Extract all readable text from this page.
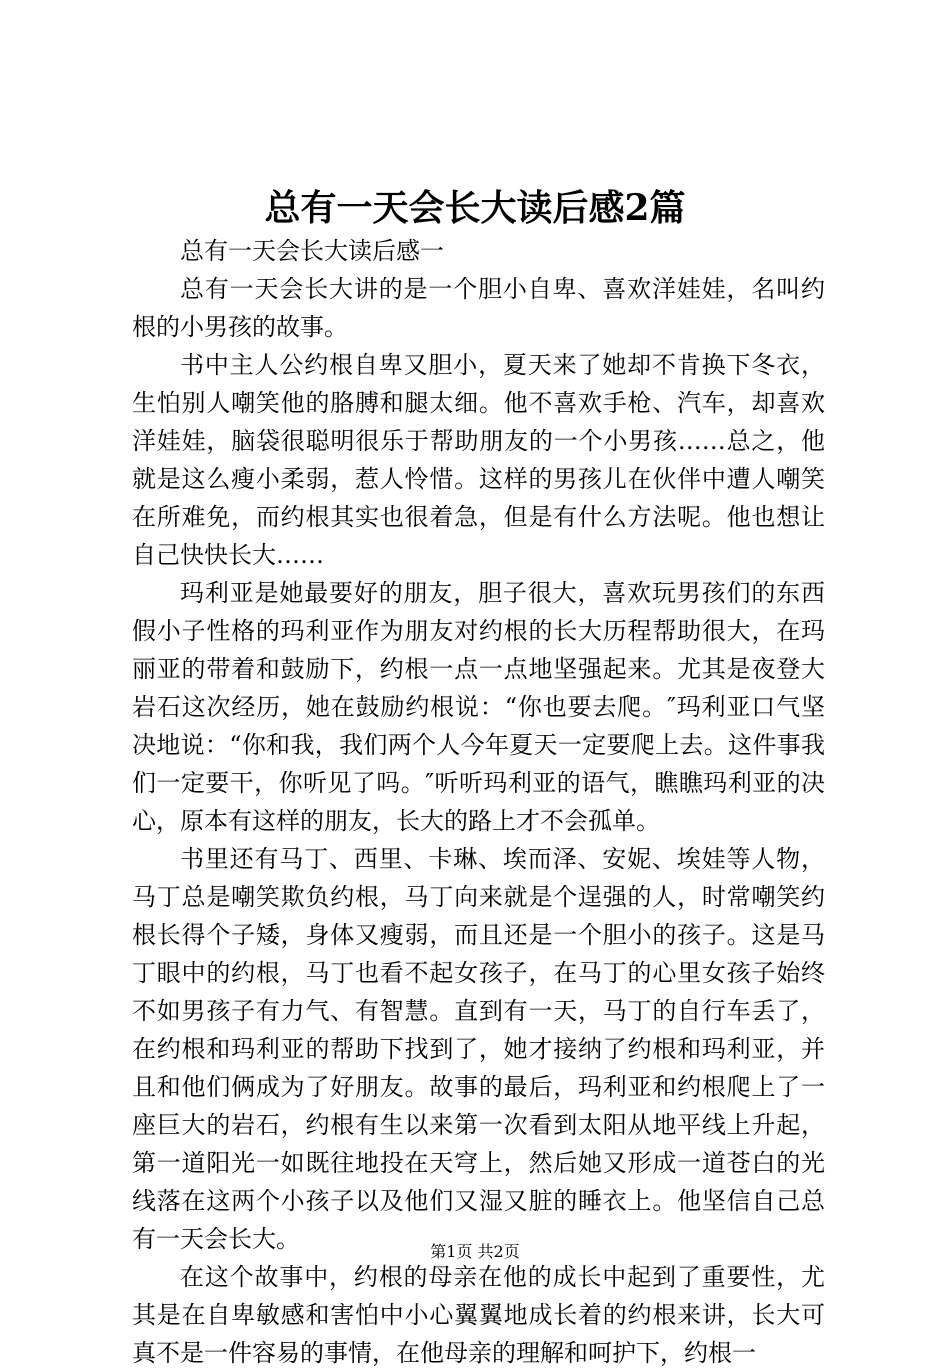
总有一天会长大读后感2篇

总有一天会长大读后感一

总有一天会长大讲的是一个胆小自卑、喜欢洋娃娃，名叫约根的小男孩的故事。

书中主人公约根自卑又胆小，夏天来了她却不肯换下冬衣，生怕别人嘲笑他的胳膊和腿太细。他不喜欢手枪、汽车，却喜欢洋娃娃，脑袋很聪明很乐于帮助朋友的一个小男孩……总之，他就是这么瘦小柔弱，惹人怜惜。这样的男孩儿在伙伴中遭人嘲笑在所难免，而约根其实也很着急，但是有什么方法呢。他也想让自己快快长大……

玛利亚是她最要好的朋友，胆子很大，喜欢玩男孩们的东西假小子性格的玛利亚作为朋友对约根的长大历程帮助很大，在玛丽亚的带着和鼓励下，约根一点一点地坚强起来。尤其是夜登大岩石这次经历，她在鼓励约根说：“你也要去爬。″玛利亚口气坚决地说：“你和我，我们两个人今年夏天一定要爬上去。这件事我们一定要干，你听见了吗。″听听玛利亚的语气，瞧瞧玛利亚的决心，原本有这样的朋友，长大的路上才不会孤单。

书里还有马丁、西里、卡琳、埃而泽、安妮、埃娃等人物，马丁总是嘲笑欺负约根，马丁向来就是个逞强的人，时常嘲笑约根长得个子矮，身体又瘦弱，而且还是一个胆小的孩子。这是马丁眼中的约根，马丁也看不起女孩子，在马丁的心里女孩子始终不如男孩子有力气、有智慧。直到有一天，马丁的自行车丢了，在约根和玛利亚的帮助下找到了，她才接纳了约根和玛利亚，并且和他们俩成为了好朋友。故事的最后，玛利亚和约根爬上了一座巨大的岩石，约根有生以来第一次看到太阳从地平线上升起，第一道阳光一如既往地投在天穹上，然后她又形成一道苍白的光线落在这两个小孩子以及他们又湿又脏的睡衣上。他坚信自己总有一天会长大。

在这个故事中，约根的母亲在他的成长中起到了重要性，尤其是在自卑敏感和害怕中小心翼翼地成长着的约根来讲，长大可真不是一件容易的事情，在他母亲的理解和呵护下，约根一

第1页 共2页
